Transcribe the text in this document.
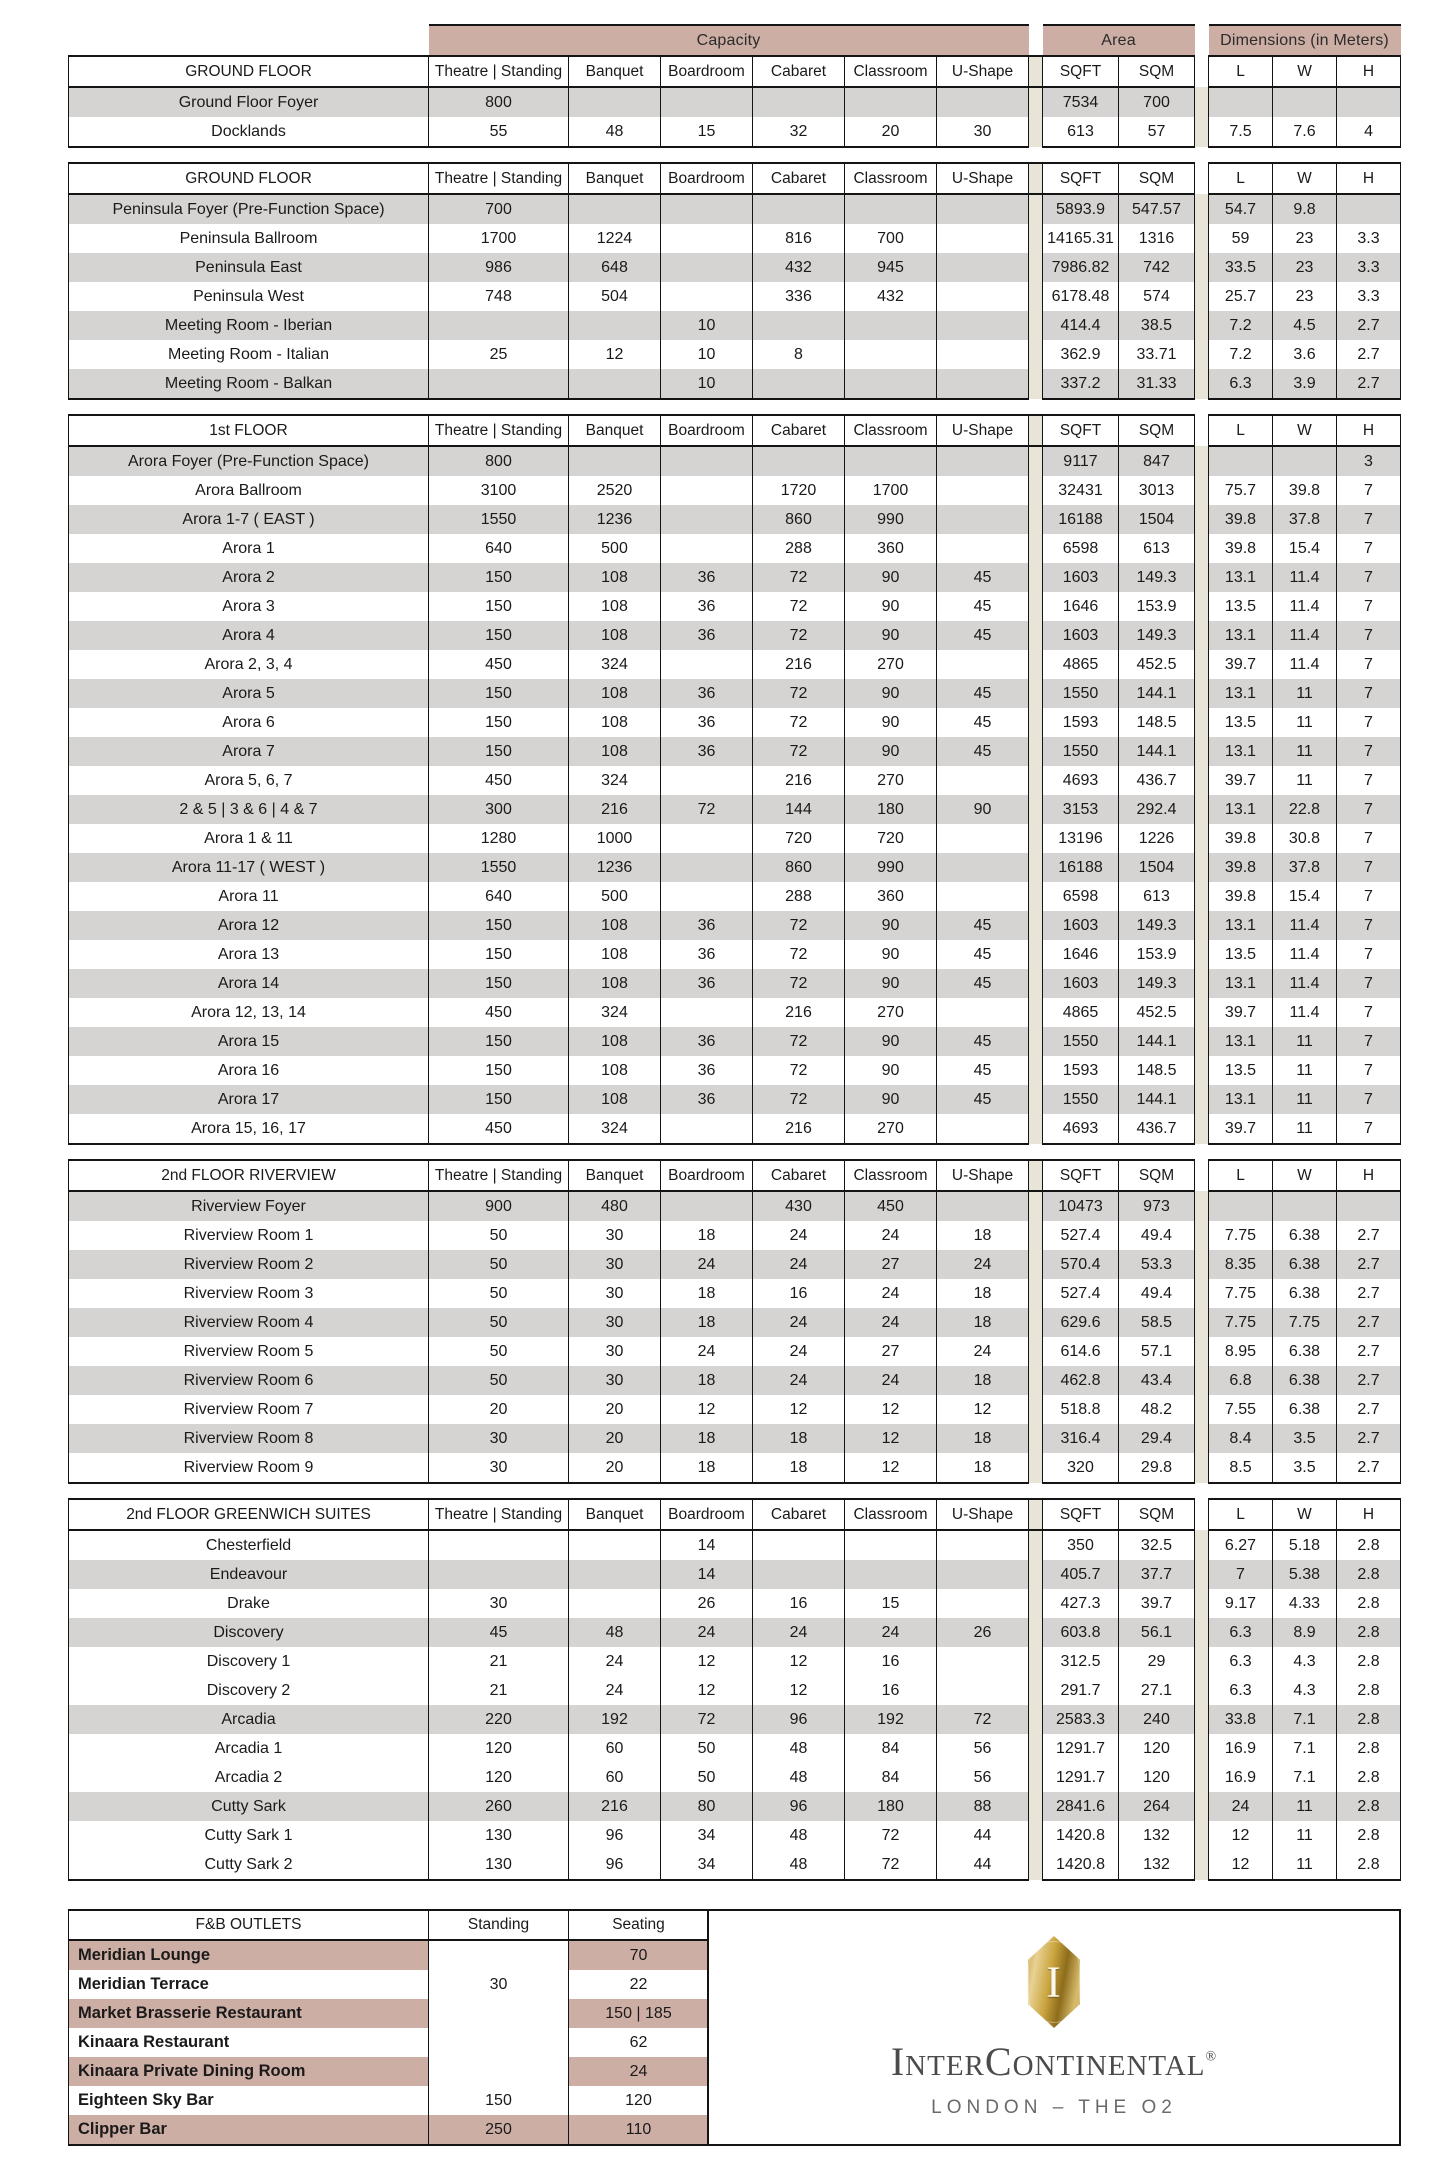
	Capacity							Area			Dimensions (in Meters)		
GROUND FLOOR	Theatre | Standing	Banquet	Boardroom	Cabaret	Classroom	U-Shape		SQFT	SQM		L	W	H
Ground Floor Foyer	800							7534	700				
Docklands	55	48	15	32	20	30		613	57		7.5	7.6	4
GROUND FLOOR	Theatre | Standing	Banquet	Boardroom	Cabaret	Classroom	U-Shape		SQFT	SQM		L	W	H
Peninsula Foyer (Pre-Function Space)	700							5893.9	547.57		54.7	9.8	
Peninsula Ballroom	1700	1224		816	700			14165.31	1316		59	23	3.3
Peninsula East	986	648		432	945			7986.82	742		33.5	23	3.3
Peninsula West	748	504		336	432			6178.48	574		25.7	23	3.3
Meeting Room - Iberian			10					414.4	38.5		7.2	4.5	2.7
Meeting Room - Italian	25	12	10	8				362.9	33.71		7.2	3.6	2.7
Meeting Room - Balkan			10					337.2	31.33		6.3	3.9	2.7
1st FLOOR	Theatre | Standing	Banquet	Boardroom	Cabaret	Classroom	U-Shape		SQFT	SQM		L	W	H
Arora Foyer (Pre-Function Space)	800							9117	847				3
Arora Ballroom	3100	2520		1720	1700			32431	3013		75.7	39.8	7
Arora 1-7 ( EAST )	1550	1236		860	990			16188	1504		39.8	37.8	7
Arora 1	640	500		288	360			6598	613		39.8	15.4	7
Arora 2	150	108	36	72	90	45		1603	149.3		13.1	11.4	7
Arora 3	150	108	36	72	90	45		1646	153.9		13.5	11.4	7
Arora 4	150	108	36	72	90	45		1603	149.3		13.1	11.4	7
Arora 2, 3, 4	450	324		216	270			4865	452.5		39.7	11.4	7
Arora 5	150	108	36	72	90	45		1550	144.1		13.1	11	7
Arora 6	150	108	36	72	90	45		1593	148.5		13.5	11	7
Arora 7	150	108	36	72	90	45		1550	144.1		13.1	11	7
Arora 5, 6, 7	450	324		216	270			4693	436.7		39.7	11	7
2 & 5 | 3 & 6 | 4 & 7	300	216	72	144	180	90		3153	292.4		13.1	22.8	7
Arora 1 & 11	1280	1000		720	720			13196	1226		39.8	30.8	7
Arora 11-17 ( WEST )	1550	1236		860	990			16188	1504		39.8	37.8	7
Arora 11	640	500		288	360			6598	613		39.8	15.4	7
Arora 12	150	108	36	72	90	45		1603	149.3		13.1	11.4	7
Arora 13	150	108	36	72	90	45		1646	153.9		13.5	11.4	7
Arora 14	150	108	36	72	90	45		1603	149.3		13.1	11.4	7
Arora 12, 13, 14	450	324		216	270			4865	452.5		39.7	11.4	7
Arora 15	150	108	36	72	90	45		1550	144.1		13.1	11	7
Arora 16	150	108	36	72	90	45		1593	148.5		13.5	11	7
Arora 17	150	108	36	72	90	45		1550	144.1		13.1	11	7
Arora 15, 16, 17	450	324		216	270			4693	436.7		39.7	11	7
2nd FLOOR RIVERVIEW	Theatre | Standing	Banquet	Boardroom	Cabaret	Classroom	U-Shape		SQFT	SQM		L	W	H
Riverview Foyer	900	480		430	450			10473	973				
Riverview Room 1	50	30	18	24	24	18		527.4	49.4		7.75	6.38	2.7
Riverview Room 2	50	30	24	24	27	24		570.4	53.3		8.35	6.38	2.7
Riverview Room 3	50	30	18	16	24	18		527.4	49.4		7.75	6.38	2.7
Riverview Room 4	50	30	18	24	24	18		629.6	58.5		7.75	7.75	2.7
Riverview Room 5	50	30	24	24	27	24		614.6	57.1		8.95	6.38	2.7
Riverview Room 6	50	30	18	24	24	18		462.8	43.4		6.8	6.38	2.7
Riverview Room 7	20	20	12	12	12	12		518.8	48.2		7.55	6.38	2.7
Riverview Room 8	30	20	18	18	12	18		316.4	29.4		8.4	3.5	2.7
Riverview Room 9	30	20	18	18	12	18		320	29.8		8.5	3.5	2.7
2nd FLOOR GREENWICH SUITES	Theatre | Standing	Banquet	Boardroom	Cabaret	Classroom	U-Shape		SQFT	SQM		L	W	H
Chesterfield			14					350	32.5		6.27	5.18	2.8
Endeavour			14					405.7	37.7		7	5.38	2.8
Drake	30		26	16	15			427.3	39.7		9.17	4.33	2.8
Discovery	45	48	24	24	24	26		603.8	56.1		6.3	8.9	2.8
Discovery 1	21	24	12	12	16			312.5	29		6.3	4.3	2.8
Discovery 2	21	24	12	12	16			291.7	27.1		6.3	4.3	2.8
Arcadia	220	192	72	96	192	72		2583.3	240		33.8	7.1	2.8
Arcadia 1	120	60	50	48	84	56		1291.7	120		16.9	7.1	2.8
Arcadia 2	120	60	50	48	84	56		1291.7	120		16.9	7.1	2.8
Cutty Sark	260	216	80	96	180	88		2841.6	264		24	11	2.8
Cutty Sark 1	130	96	34	48	72	44		1420.8	132		12	11	2.8
Cutty Sark 2	130	96	34	48	72	44		1420.8	132		12	11	2.8
F&B OUTLETS	Standing	Seating
Meridian Lounge		70
Meridian Terrace	30	22
Market Brasserie Restaurant		150 | 185
Kinaara Restaurant		62
Kinaara Private Dining Room		24
Eighteen Sky Bar	150	120
Clipper Bar	250	110
I
INTERCONTINENTAL®
LONDON – THE O2
